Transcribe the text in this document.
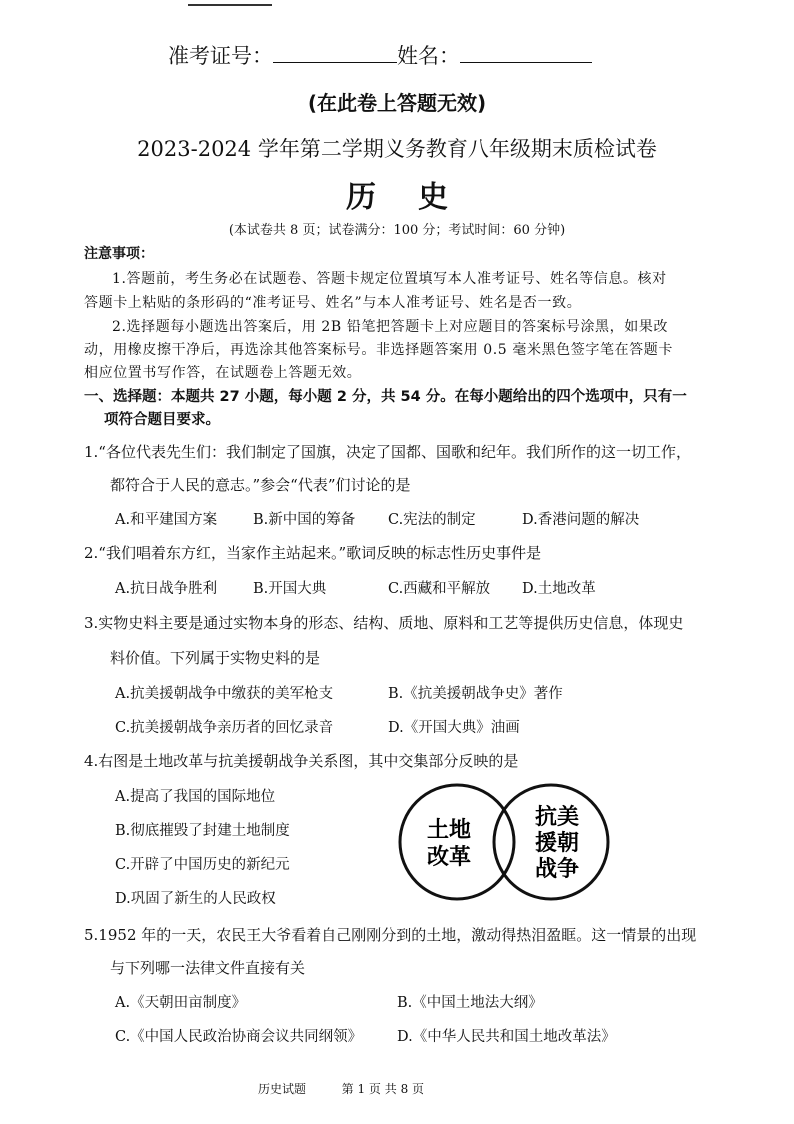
准考证号：	姓名：
(在此卷上答题无效)
2023-2024 学年第二学期义务教育八年级期末质检试卷
历史
(本试卷共 8 页；试卷满分：100 分；考试时间：60 分钟)
注意事项：
1.答题前，考生务必在试题卷、答题卡规定位置填写本人准考证号、姓名等信息。核对
答题卡上粘贴的条形码的“准考证号、姓名”与本人准考证号、姓名是否一致。
2.选择题每小题选出答案后，用 2B 铅笔把答题卡上对应题目的答案标号涂黑，如果改
动，用橡皮擦干净后，再选涂其他答案标号。非选择题答案用 0.5 毫米黑色签字笔在答题卡
相应位置书写作答，在试题卷上答题无效。
一、选择题：本题共 27 小题，每小题 2 分，共 54 分。在每小题给出的四个选项中，只有一
项符合题目要求。
1.“各位代表先生们：我们制定了国旗，决定了国都、国歌和纪年。我们所作的这一切工作，
都符合于人民的意志。”参会“代表”们讨论的是
A.和平建国方案 B.新中国的筹备 C.宪法的制定	D.香港问题的解决
2.“我们唱着东方红，当家作主站起来。”歌词反映的标志性历史事件是
A.抗日战争胜利 B.开国大典	C.西藏和平解放 D.土地改革
3.实物史料主要是通过实物本身的形态、结构、质地、原料和工艺等提供历史信息，体现史
料价值。下列属于实物史料的是
A.抗美援朝战争中缴获的美军枪支	B.《抗美援朝战争史》著作
C.抗美援朝战争亲历者的回忆录音	D.《开国大典》油画
4.右图是土地改革与抗美援朝战争关系图，其中交集部分反映的是
A.提高了我国的国际地位
B.彻底摧毁了封建土地制度
C.开辟了中国历史的新纪元
D.巩固了新生的人民政权
土地
改革
抗美
援朝
战争
5.1952 年的一天，农民王大爷看着自己刚刚分到的土地，激动得热泪盈眶。这一情景的出现
与下列哪一法律文件直接有关
A.《天朝田亩制度》	B.《中国土地法大纲》
C.《中国人民政治协商会议共同纲领》 D.《中华人民共和国土地改革法》
历史试题	第 1 页 共 8 页
